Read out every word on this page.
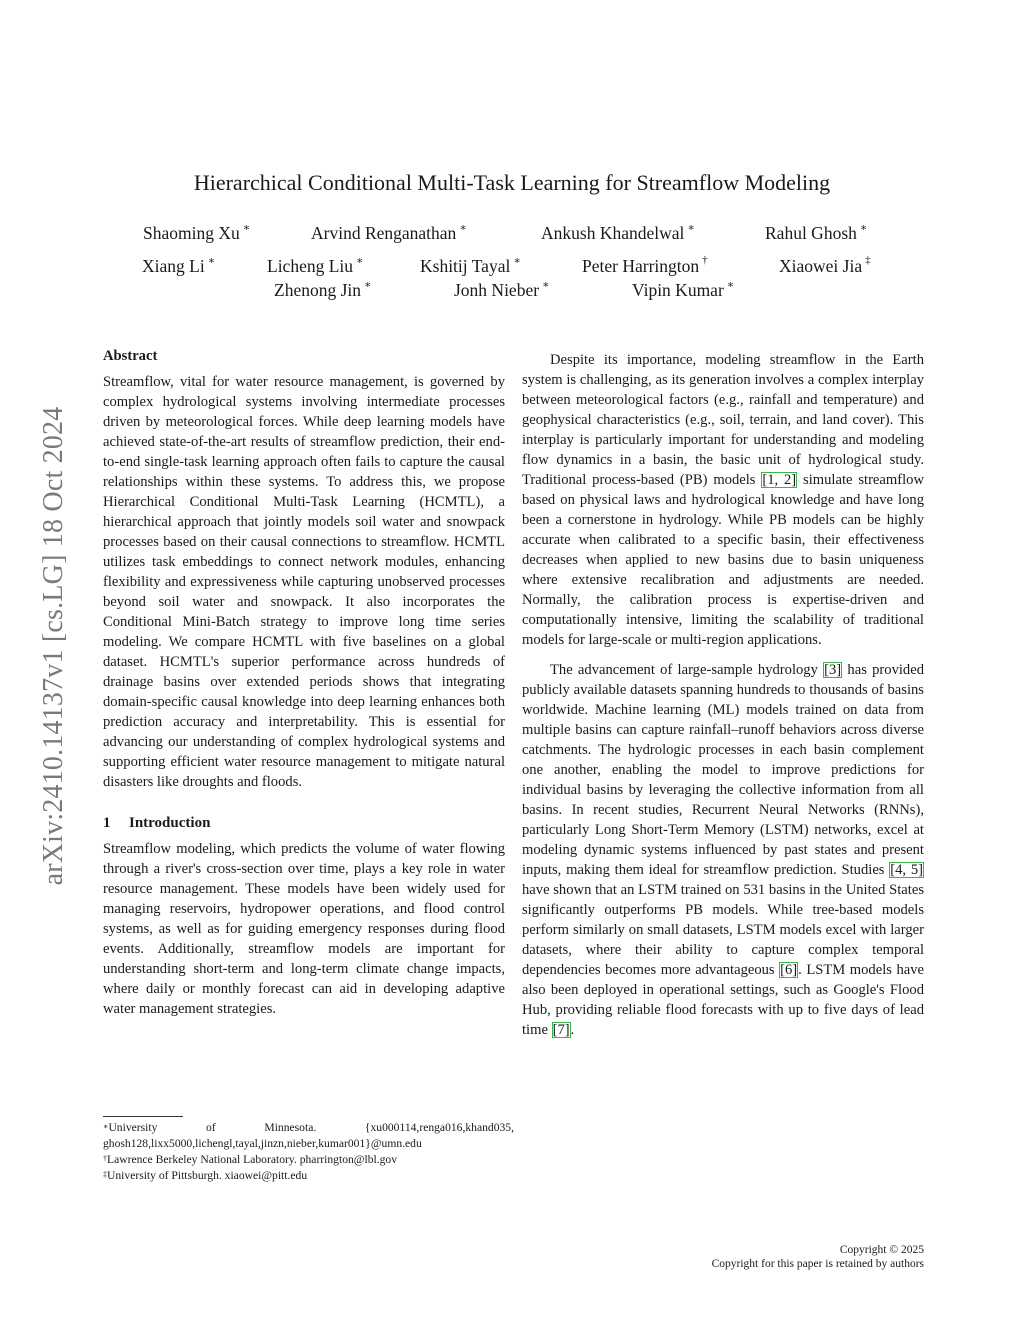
arXiv:2410.14137v1 [cs.LG] 18 Oct 2024
Hierarchical Conditional Multi-Task Learning for Streamflow Modeling
Shaoming Xu ∗	Arvind Renganathan ∗	Ankush Khandelwal ∗	Rahul Ghosh ∗
Xiang Li ∗	Licheng Liu ∗	Kshitij Tayal ∗	Peter Harrington †	Xiaowei Jia ‡
Zhenong Jin ∗	Jonh Nieber ∗	Vipin Kumar ∗
Abstract

Streamflow, vital for water resource management, is governed by complex hydrological systems involving intermediate processes driven by meteorological forces. While deep learning models have achieved state-of-the-art results of streamflow prediction, their end-to-end single-task learning approach often fails to capture the causal relationships within these systems. To address this, we propose Hierarchical Conditional Multi-Task Learning (HCMTL), a hierarchical approach that jointly models soil water and snowpack processes based on their causal connections to streamflow. HCMTL utilizes task embeddings to connect network modules, enhancing flexibility and expressiveness while capturing unobserved processes beyond soil water and snowpack. It also incorporates the Conditional Mini-Batch strategy to improve long time series modeling. We compare HCMTL with five baselines on a global dataset. HCMTL's superior performance across hundreds of drainage basins over extended periods shows that integrating domain-specific causal knowledge into deep learning enhances both prediction accuracy and interpretability. This is essential for advancing our understanding of complex hydrological systems and supporting efficient water resource management to mitigate natural disasters like droughts and floods.

1 Introduction

Streamflow modeling, which predicts the volume of water flowing through a river's cross-section over time, plays a key role in water resource management. These models have been widely used for managing reservoirs, hydropower operations, and flood control systems, as well as for guiding emergency responses during flood events. Additionally, streamflow models are important for understanding short-term and long-term climate change impacts, where daily or monthly forecast can aid in developing adaptive water management strategies.

Despite its importance, modeling streamflow in the Earth system is challenging, as its generation involves a complex interplay between meteorological factors (e.g., rainfall and temperature) and geophysical characteristics (e.g., soil, terrain, and land cover). This interplay is particularly important for understanding and modeling flow dynamics in a basin, the basic unit of hydrological study. Traditional process-based (PB) models [1, 2] simulate streamflow based on physical laws and hydrological knowledge and have long been a cornerstone in hydrology. While PB models can be highly accurate when calibrated to a specific basin, their effectiveness decreases when applied to new basins due to basin uniqueness where extensive recalibration and adjustments are needed. Normally, the calibration process is expertise-driven and computationally intensive, limiting the scalability of traditional models for large-scale or multi-region applications.

The advancement of large-sample hydrology [3] has provided publicly available datasets spanning hundreds to thousands of basins worldwide. Machine learning (ML) models trained on data from multiple basins can capture rainfall–runoff behaviors across diverse catchments. The hydrologic processes in each basin complement one another, enabling the model to improve predictions for individual basins by leveraging the collective information from all basins. In recent studies, Recurrent Neural Networks (RNNs), particularly Long Short-Term Memory (LSTM) networks, excel at modeling dynamic systems influenced by past states and present inputs, making them ideal for streamflow prediction. Studies [4, 5] have shown that an LSTM trained on 531 basins in the United States significantly outperforms PB models. While tree-based models perform similarly on small datasets, LSTM models excel with larger datasets, where their ability to capture complex temporal dependencies becomes more advantageous [6]. LSTM models have also been deployed in operational settings, such as Google's Flood Hub, providing reliable flood forecasts with up to five days of lead time [7].

∗University of Minnesota. {xu000114,renga016,khand035, ghosh128,lixx5000,lichengl,tayal,jinzn,nieber,kumar001}@umn.edu

†Lawrence Berkeley National Laboratory. pharrington@lbl.gov

‡University of Pittsburgh. xiaowei@pitt.edu

Copyright © 2025
Copyright for this paper is retained by authors
